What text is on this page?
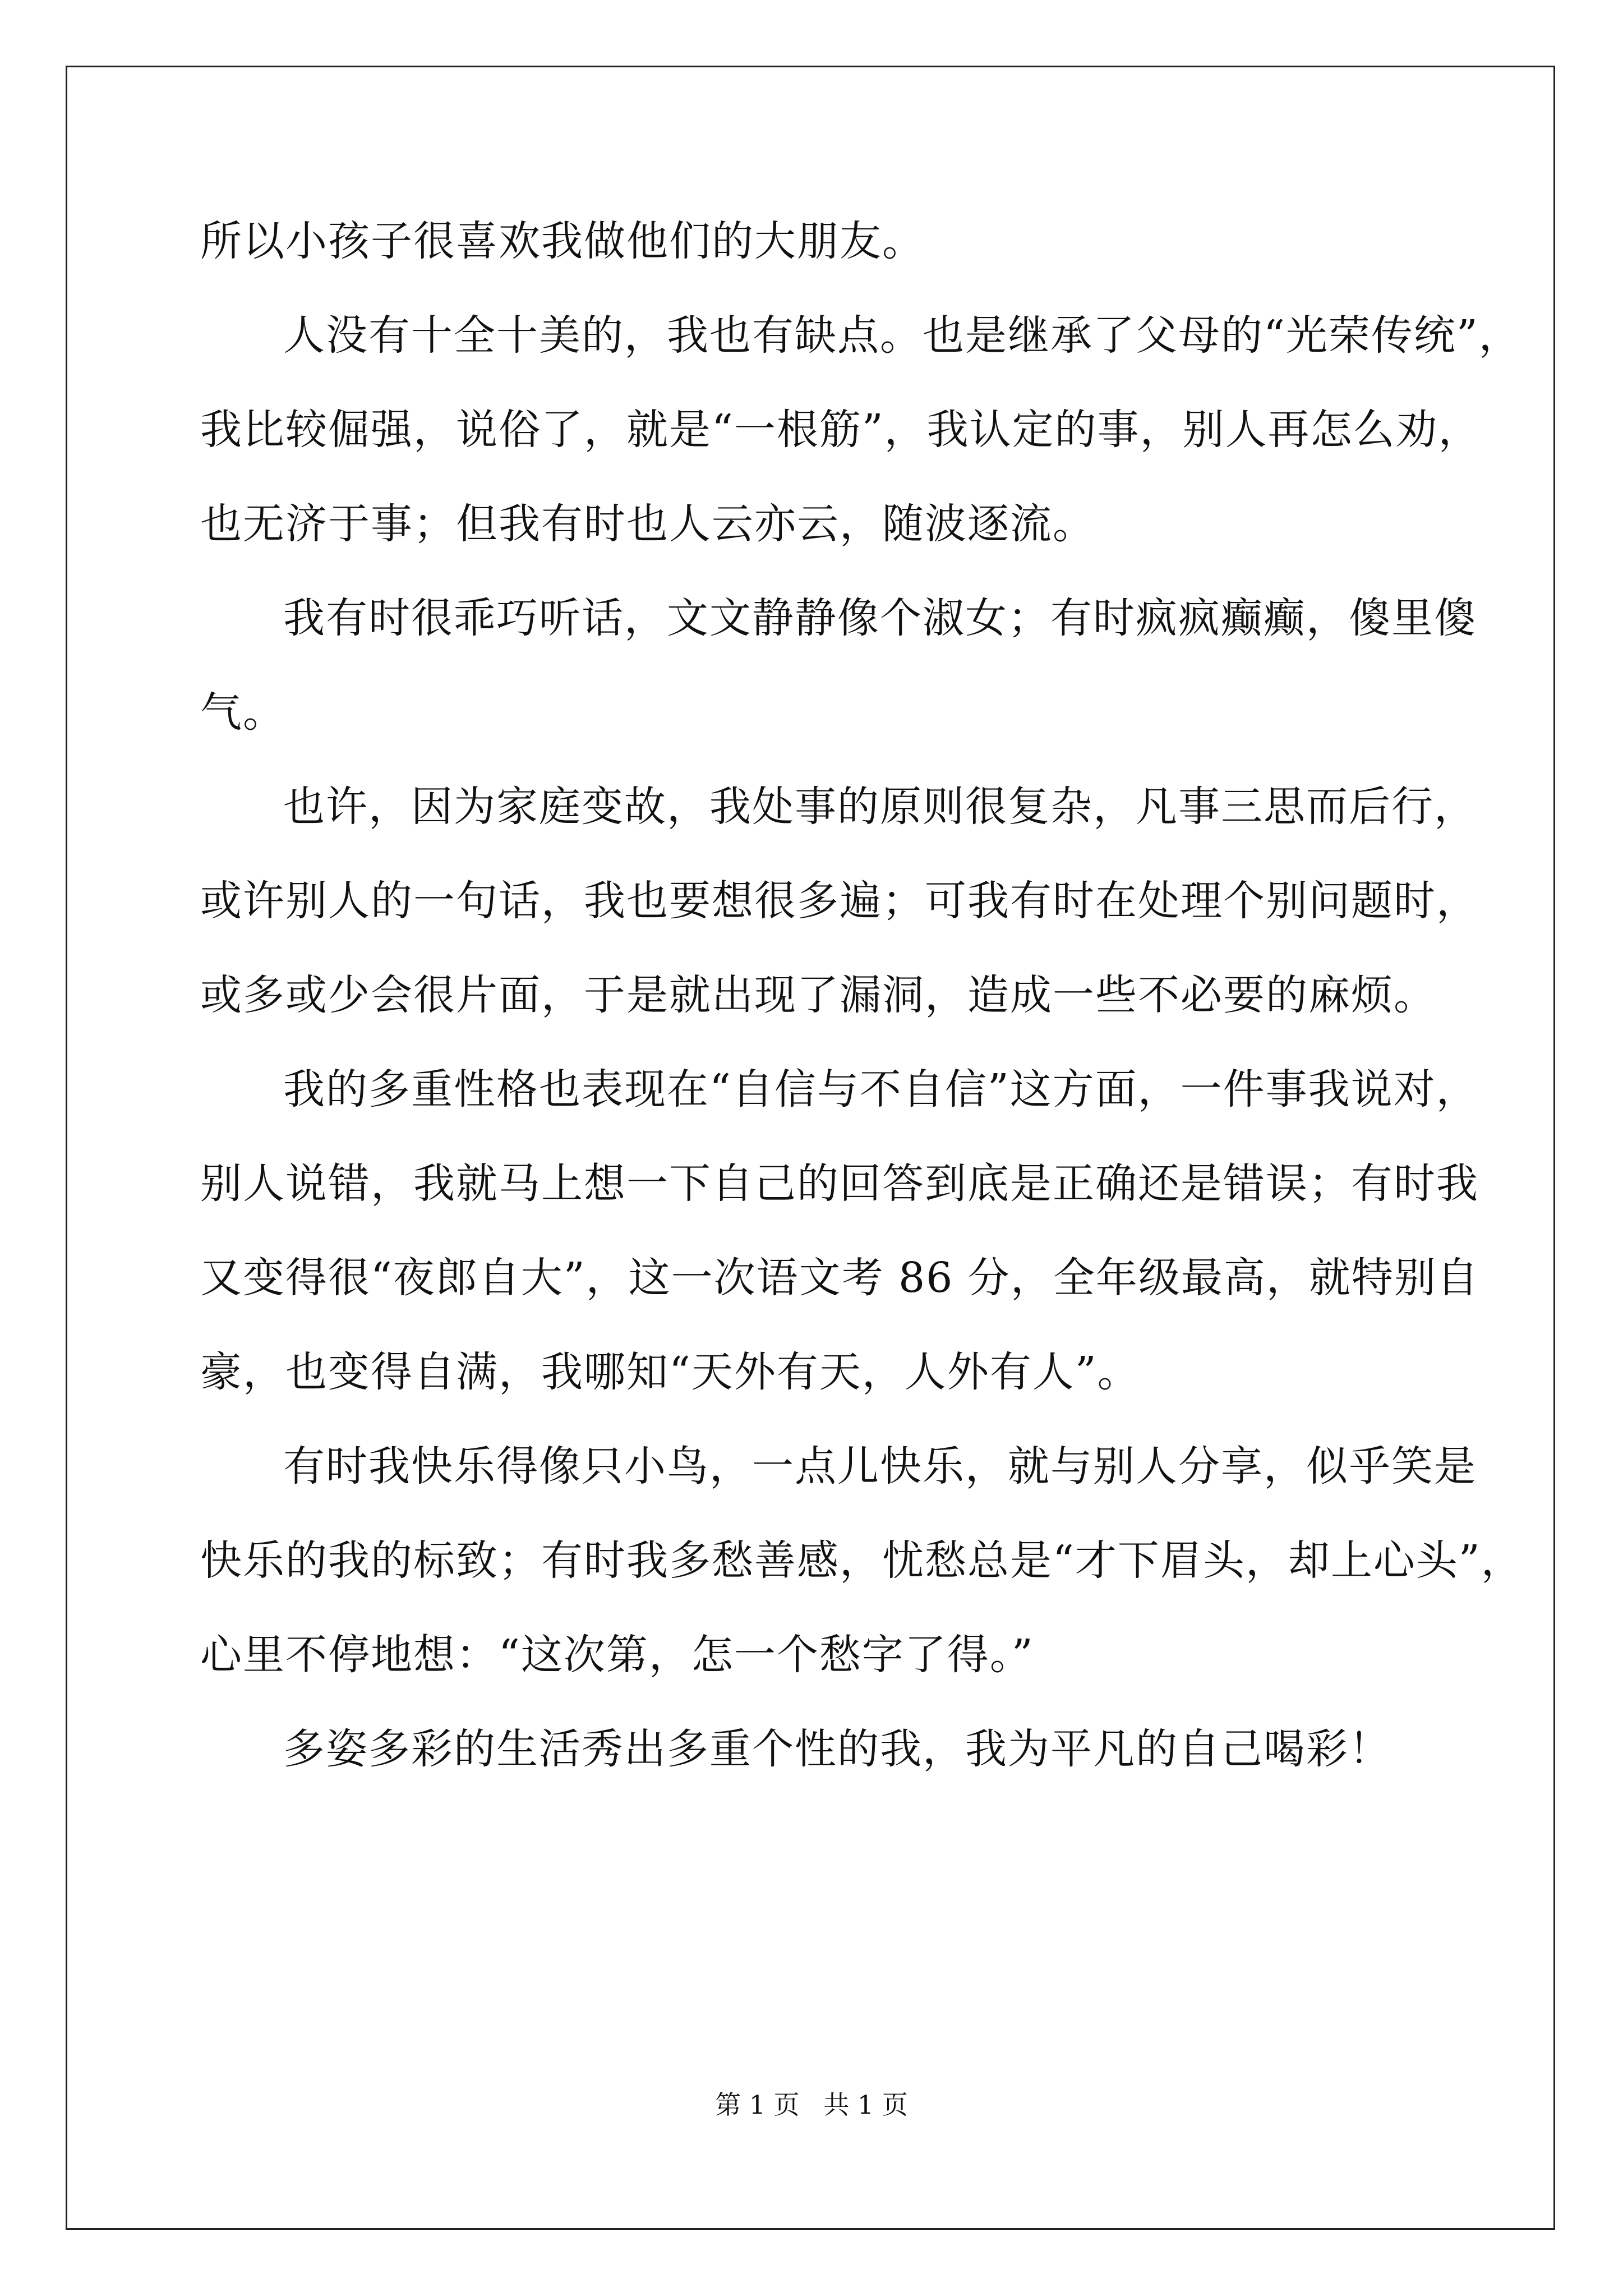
所以小孩子很喜欢我做他们的大朋友。
人没有十全十美的，我也有缺点。也是继承了父母的“光荣传统”，
我比较倔强，说俗了，就是“一根筋”，我认定的事，别人再怎么劝，
也无济于事；但我有时也人云亦云，随波逐流。
我有时很乖巧听话，文文静静像个淑女；有时疯疯癫癫，傻里傻
气。
也许，因为家庭变故，我处事的原则很复杂，凡事三思而后行，
或许别人的一句话，我也要想很多遍；可我有时在处理个别问题时，
或多或少会很片面，于是就出现了漏洞，造成一些不必要的麻烦。
我的多重性格也表现在“自信与不自信”这方面，一件事我说对，
别人说错，我就马上想一下自己的回答到底是正确还是错误；有时我
又变得很“夜郎自大”，这一次语文考 86 分，全年级最高，就特别自
豪，也变得自满，我哪知“天外有天，人外有人”。
有时我快乐得像只小鸟，一点儿快乐，就与别人分享，似乎笑是
快乐的我的标致；有时我多愁善感，忧愁总是“才下眉头，却上心头”，
心里不停地想：“这次第，怎一个愁字了得。”
多姿多彩的生活秀出多重个性的我，我为平凡的自己喝彩！
第 1 页 共 1 页
